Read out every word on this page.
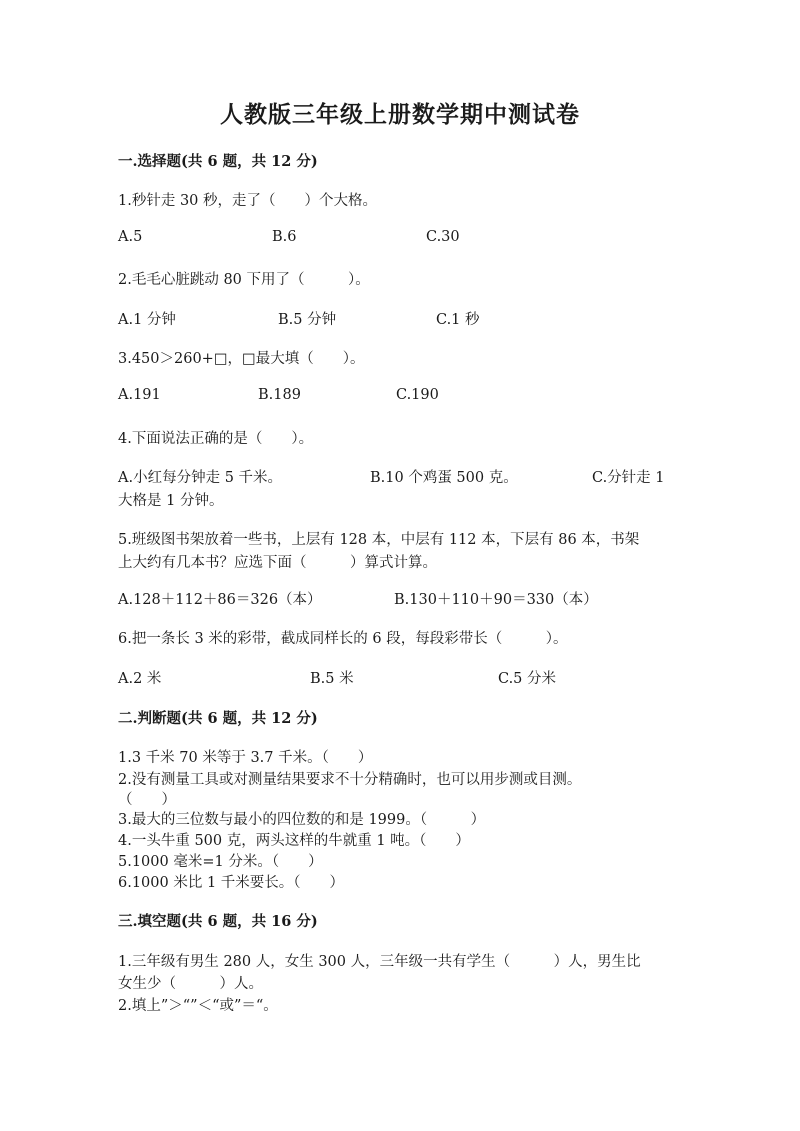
人教版三年级上册数学期中测试卷
一.选择题(共 6 题，共 12 分)
1.秒针走 30 秒，走了（　　）个大格。
A.5	B.6	C.30
2.毛毛心脏跳动 80 下用了（　　　）。
A.1 分钟	B.5 分钟	C.1 秒
3.450＞260+□，□最大填（　　）。
A.191	B.189	C.190
4.下面说法正确的是（　　）。
A.小红每分钟走 5 千米。	B.10 个鸡蛋 500 克。	C.分针走 1
大格是 1 分钟。
5.班级图书架放着一些书，上层有 128 本，中层有 112 本，下层有 86 本，书架
上大约有几本书？应选下面（　　　）算式计算。
A.128＋112＋86＝326（本）	B.130＋110＋90＝330（本）
6.把一条长 3 米的彩带，截成同样长的 6 段，每段彩带长（　　　）。
A.2 米	B.5 米	C.5 分米
二.判断题(共 6 题，共 12 分)
1.3 千米 70 米等于 3.7 千米。（　　）
2.没有测量工具或对测量结果要求不十分精确时，也可以用步测或目测。
（　　）
3.最大的三位数与最小的四位数的和是 1999。（　　　）
4.一头牛重 500 克，两头这样的牛就重 1 吨。（　　）
5.1000 毫米=1 分米。（　　）
6.1000 米比 1 千米要长。（　　）
三.填空题(共 6 题，共 16 分)
1.三年级有男生 280 人，女生 300 人，三年级一共有学生（　　　）人，男生比
女生少（　　　）人。
2.填上”＞“”＜“或”＝“。
